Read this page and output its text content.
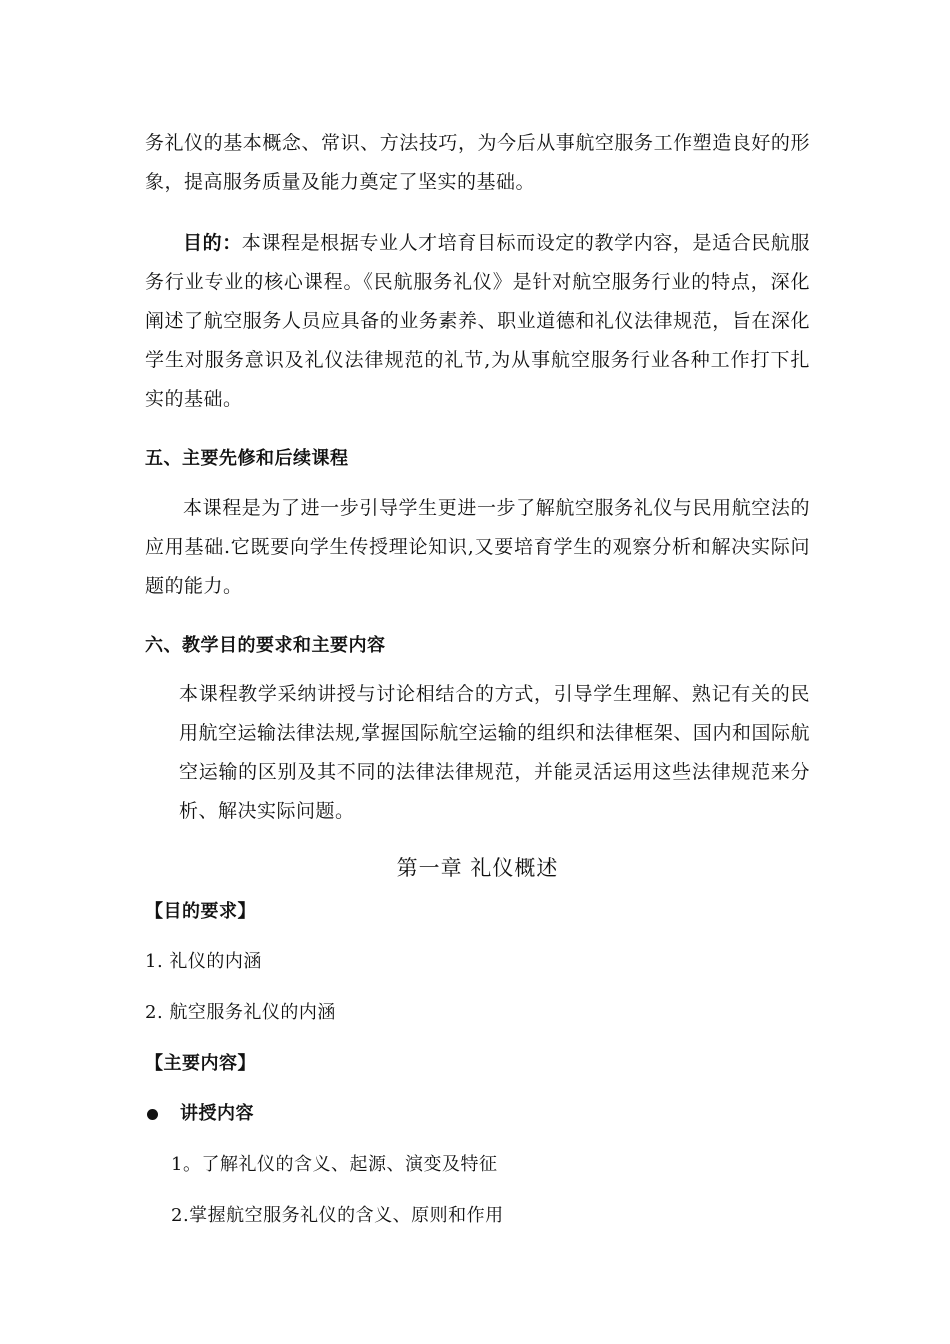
务礼仪的基本概念、常识、方法技巧，为今后从事航空服务工作塑造良好的形象，提高服务质量及能力奠定了坚实的基础。

目的：本课程是根据专业人才培育目标而设定的教学内容，是适合民航服务行业专业的核心课程。《民航服务礼仪》是针对航空服务行业的特点，深化阐述了航空服务人员应具备的业务素养、职业道德和礼仪法律规范，旨在深化学生对服务意识及礼仪法律规范的礼节,为从事航空服务行业各种工作打下扎实的基础。

五、主要先修和后续课程

本课程是为了进一步引导学生更进一步了解航空服务礼仪与民用航空法的应用基础.它既要向学生传授理论知识,又要培育学生的观察分析和解决实际问题的能力。

六、教学目的要求和主要内容

本课程教学采纳讲授与讨论相结合的方式，引导学生理解、熟记有关的民用航空运输法律法规,掌握国际航空运输的组织和法律框架、国内和国际航空运输的区别及其不同的法律法律规范，并能灵活运用这些法律规范来分析、解决实际问题。

第一章 礼仪概述

【目的要求】

1. 礼仪的内涵

2. 航空服务礼仪的内涵

【主要内容】

讲授内容

1。了解礼仪的含义、起源、演变及特征

2.掌握航空服务礼仪的含义、原则和作用
